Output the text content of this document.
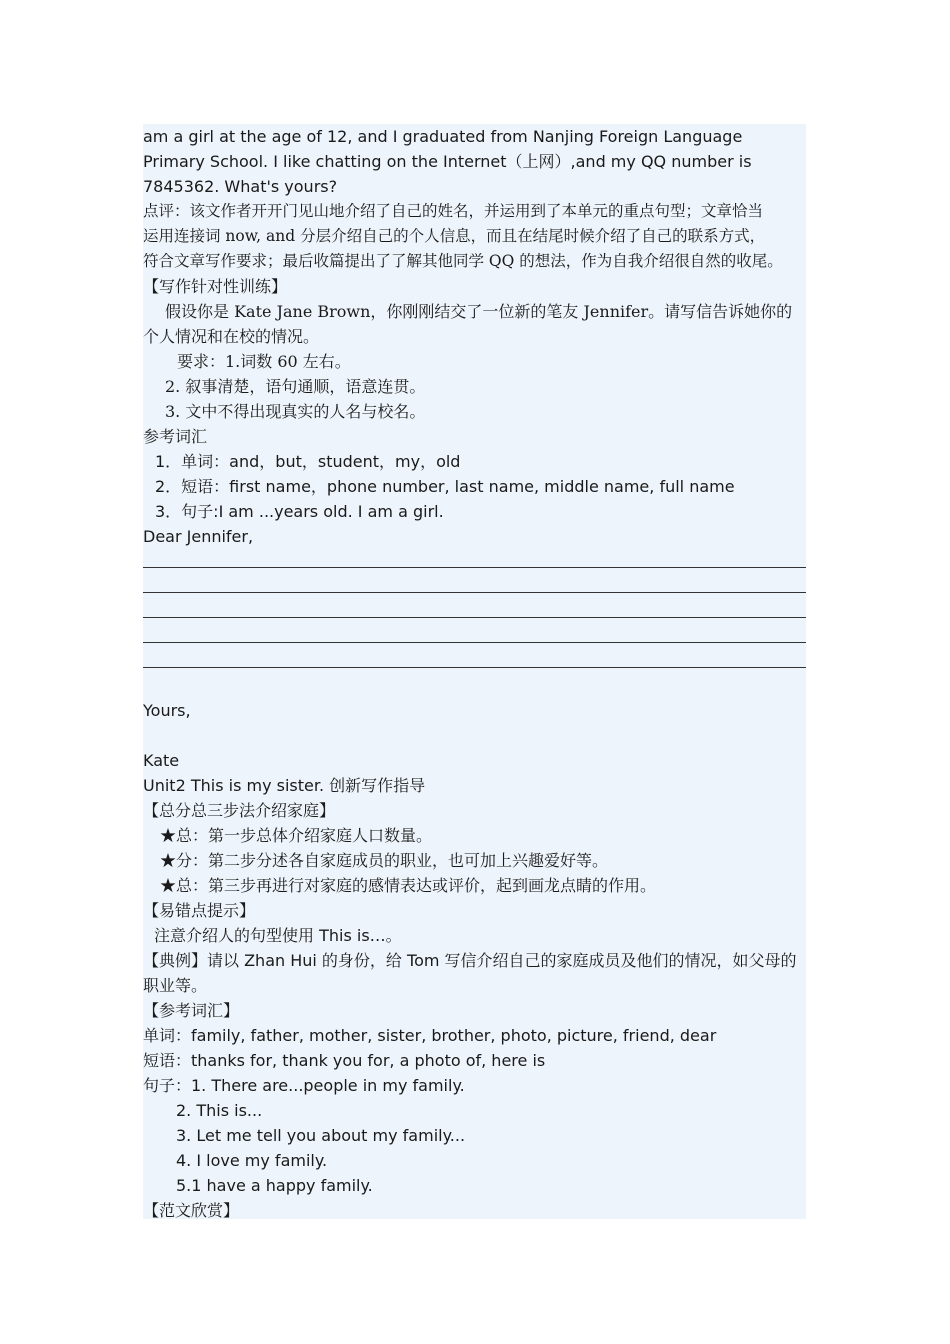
am a girl at the age of 12, and I graduated from Nanjing Foreign Language
Primary School. I like chatting on the Internet（上网）,and my QQ number is
7845362. What's yours?
点评：该文作者开开门见山地介绍了自己的姓名，并运用到了本单元的重点句型；文章恰当
运用连接词 now, and 分层介绍自己的个人信息，而且在结尾时候介绍了自己的联系方式，
符合文章写作要求；最后收篇提出了了解其他同学 QQ 的想法，作为自我介绍很自然的收尾。
【写作针对性训练】
假设你是 Kate Jane Brown，你刚刚结交了一位新的笔友 Jennifer。请写信告诉她你的
个人情况和在校的情况。
要求：1.词数 60 左右。
2. 叙事清楚，语句通顺，语意连贯。
3. 文中不得出现真实的人名与校名。
参考词汇
1．单词：and，but，student，my，old
2．短语：first name，phone number, last name, middle name, full name
3．句子:I am ...years old. I am a girl.
Dear Jennifer,
Yours,
Kate
Unit2 This is my sister. 创新写作指导
【总分总三步法介绍家庭】
★总：第一步总体介绍家庭人口数量。
★分：第二步分述各自家庭成员的职业，也可加上兴趣爱好等。
★总：第三步再进行对家庭的感情表达或评价，起到画龙点睛的作用。
【易错点提示】
注意介绍人的句型使用 This is…。
【典例】请以 Zhan Hui 的身份，给 Tom 写信介绍自己的家庭成员及他们的情况，如父母的
职业等。
【参考词汇】
单词：family, father, mother, sister, brother, photo, picture, friend, dear
短语：thanks for, thank you for, a photo of, here is
句子：1. There are...people in my family.
2. This is...
3. Let me tell you about my family...
4. I love my family.
5.1 have a happy family.
【范文欣赏】
